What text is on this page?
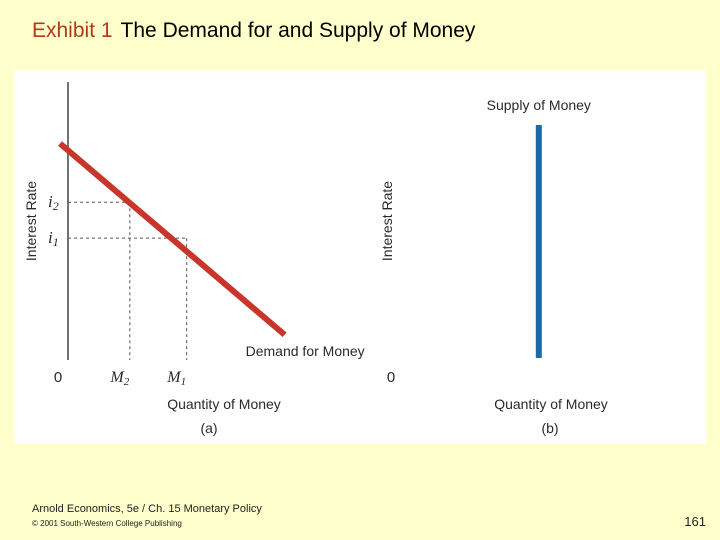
Exhibit 1 The Demand for and Supply of Money
Interest Rate
0
Quantity of Money
(a)
i2
M2
i1
M1
Demand for Money
Interest Rate
0
Quantity of Money
(b)
Supply of Money
Arnold Economics, 5e / Ch. 15 Monetary Policy
© 2001 South-Western College Publishing	161
